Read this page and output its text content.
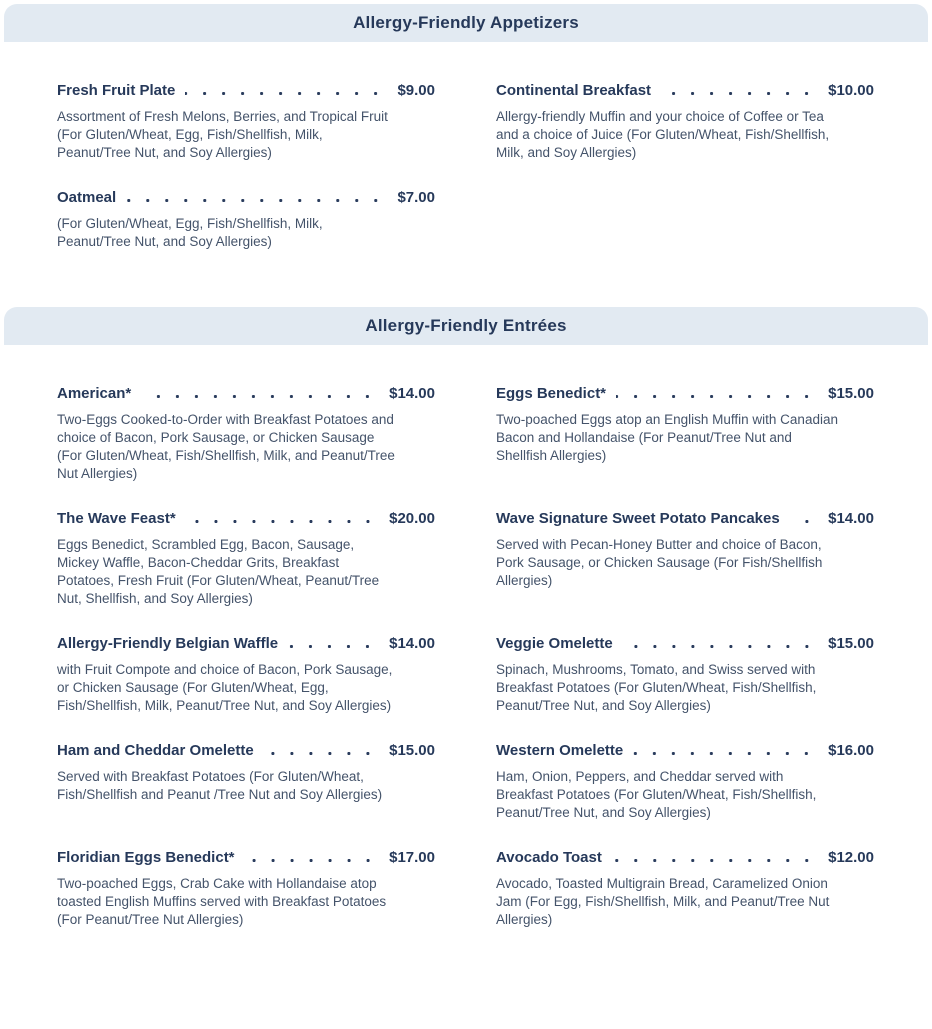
Allergy-Friendly Appetizers
Fresh Fruit Plate	$9.00

Assortment of Fresh Melons, Berries, and Tropical Fruit (For Gluten/Wheat, Egg, Fish/Shellfish, Milk, Peanut/Tree Nut, and Soy Allergies)

Continental Breakfast	$10.00

Allergy-friendly Muffin and your choice of Coffee or Tea and a choice of Juice (For Gluten/Wheat, Fish/Shellfish, Milk, and Soy Allergies)

Oatmeal	$7.00

(For Gluten/Wheat, Egg, Fish/Shellfish, Milk, Peanut/Tree Nut, and Soy Allergies)

Allergy-Friendly Entrées
American*	$14.00

Two-Eggs Cooked-to-Order with Breakfast Potatoes and choice of Bacon, Pork Sausage, or Chicken Sausage (For Gluten/Wheat, Fish/Shellfish, Milk, and Peanut/Tree Nut Allergies)

Eggs Benedict*	$15.00

Two-poached Eggs atop an English Muffin with Canadian Bacon and Hollandaise (For Peanut/Tree Nut and Shellfish Allergies)

The Wave Feast*	$20.00

Eggs Benedict, Scrambled Egg, Bacon, Sausage, Mickey Waffle, Bacon-Cheddar Grits, Breakfast Potatoes, Fresh Fruit (For Gluten/Wheat, Peanut/Tree Nut, Shellfish, and Soy Allergies)

Wave Signature Sweet Potato Pancakes	$14.00

Served with Pecan-Honey Butter and choice of Bacon, Pork Sausage, or Chicken Sausage (For Fish/Shellfish Allergies)

Allergy-Friendly Belgian Waffle	$14.00

with Fruit Compote and choice of Bacon, Pork Sausage, or Chicken Sausage (For Gluten/Wheat, Egg, Fish/Shellfish, Milk, Peanut/Tree Nut, and Soy Allergies)

Veggie Omelette	$15.00

Spinach, Mushrooms, Tomato, and Swiss served with Breakfast Potatoes (For Gluten/Wheat, Fish/Shellfish, Peanut/Tree Nut, and Soy Allergies)

Ham and Cheddar Omelette	$15.00

Served with Breakfast Potatoes (For Gluten/Wheat, Fish/Shellfish and Peanut /Tree Nut and Soy Allergies)

Western Omelette	$16.00

Ham, Onion, Peppers, and Cheddar served with Breakfast Potatoes (For Gluten/Wheat, Fish/Shellfish, Peanut/Tree Nut, and Soy Allergies)

Floridian Eggs Benedict*	$17.00

Two-poached Eggs, Crab Cake with Hollandaise atop toasted English Muffins served with Breakfast Potatoes (For Peanut/Tree Nut Allergies)

Avocado Toast	$12.00

Avocado, Toasted Multigrain Bread, Caramelized Onion Jam (For Egg, Fish/Shellfish, Milk, and Peanut/Tree Nut Allergies)
